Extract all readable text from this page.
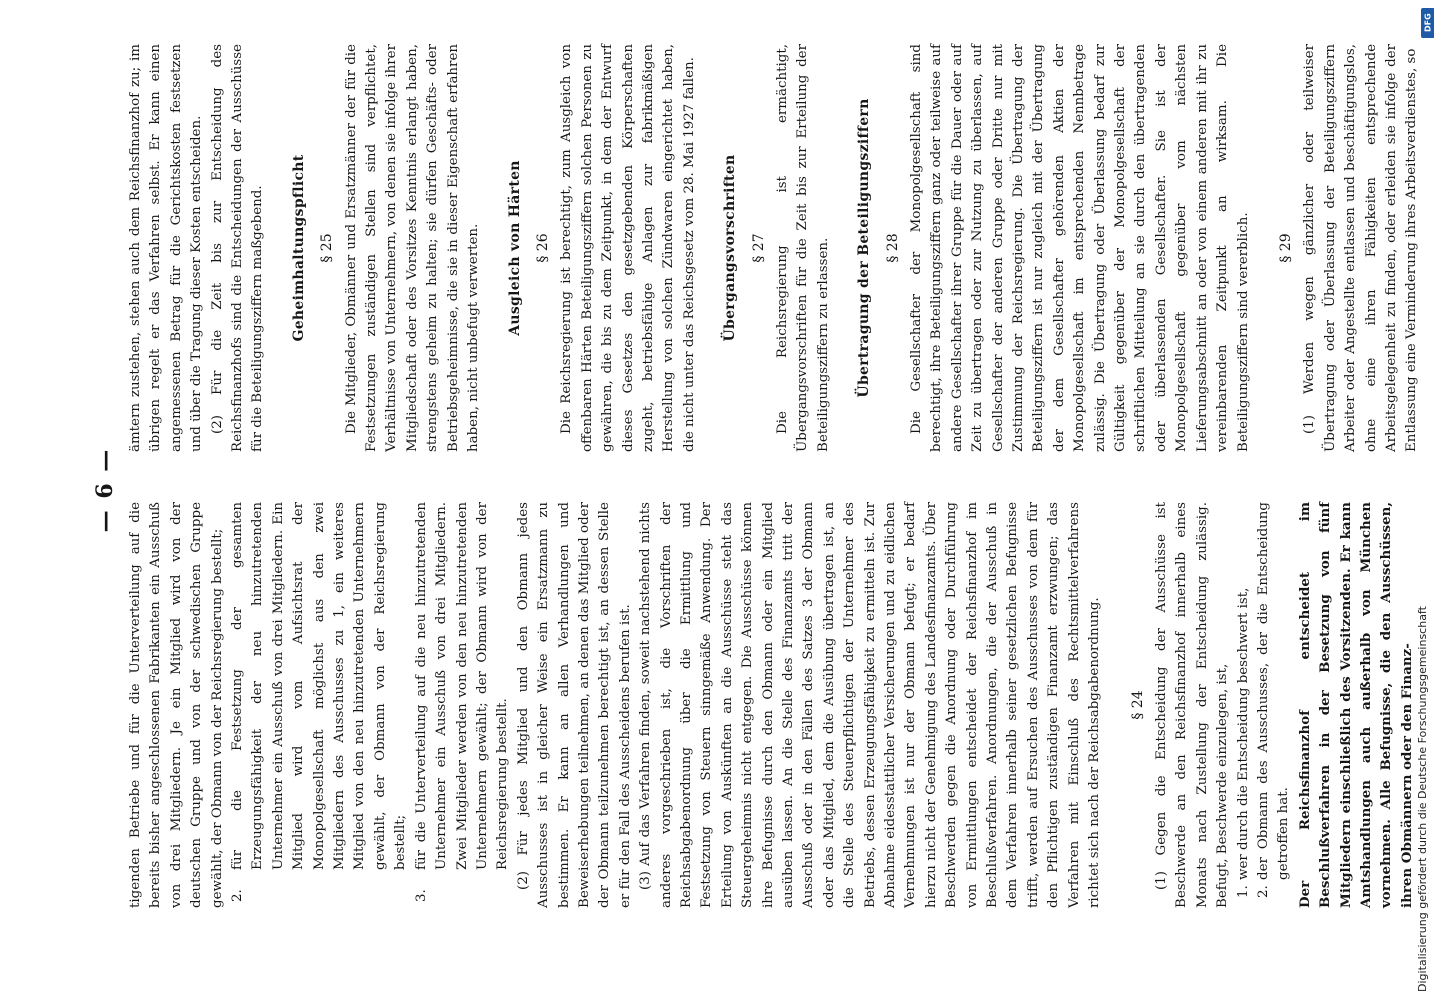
— 6 —

tigenden Betriebe und für die Unterverteilung auf die bereits bisher angeschlossenen Fabrikanten ein Ausschuß von drei Mitgliedern. Je ein Mitglied wird von der deutschen Gruppe und von der schwedischen Gruppe gewählt, der Obmann von der Reichsregierung bestellt; 2.
für die Festsetzung der gesamten Erzeugungsfähigkeit der neu hinzutretenden Unternehmer ein Ausschuß von drei Mitgliedern. Ein Mitglied wird vom Aufsichtsrat der Monopolgesellschaft möglichst aus den zwei Mitgliedern des Ausschusses zu 1, ein weiteres Mitglied von den neu hinzutretenden Unternehmern gewählt, der Obmann von der Reichsregierung bestellt;

3.
für die Unterverteilung auf die neu hinzutretenden Unternehmer ein Ausschuß von drei Mitgliedern. Zwei Mitglieder werden von den neu hinzutretenden Unternehmern gewählt; der Obmann wird von der Reichsregierung bestellt. (2) Für jedes Mitglied und den Obmann jedes Ausschusses ist in gleicher Weise ein Ersatzmann zu bestimmen. Er kann an allen Verhandlungen und Beweiserhebungen teilnehmen, an denen das Mitglied oder der Obmann teilzunehmen berechtigt ist, an dessen Stelle er für den Fall des Ausscheidens berufen ist. (3) Auf das Verfahren finden, soweit nachstehend nichts anderes vorgeschrieben ist, die Vorschriften der Reichsabgabenordnung über die Ermittlung und Festsetzung von Steuern sinngemäße Anwendung. Der Erteilung von Auskünften an die Ausschüsse steht das Steuergeheimnis nicht entgegen. Die Ausschüsse können ihre Befugnisse durch den Obmann oder ein Mitglied ausüben lassen. An die Stelle des Finanzamts tritt der Ausschuß oder in den Fällen des Satzes 3 der Obmann oder das Mitglied, dem die Ausübung übertragen ist, an die Stelle des Steuerpflichtigen der Unternehmer des Betriebs, dessen Erzeugungsfähigkeit zu ermitteln ist. Zur Abnahme eidesstattlicher Versicherungen und zu eidlichen Vernehmungen ist nur der Obmann befugt; er bedarf hierzu nicht der Genehmigung des Landesfinanzamts. Über Beschwerden gegen die Anordnung oder Durchführung von Ermittlungen entscheidet der Reichsfinanzhof im Beschlußverfahren. Anordnungen, die der Ausschuß in dem Verfahren innerhalb seiner gesetzlichen Befugnisse trifft, werden auf Ersuchen des Ausschusses von dem für den Pflichtigen zuständigen Finanzamt erzwungen; das Verfahren mit Einschluß des Rechtsmittelverfahrens richtet sich nach der Reichsabgabenordnung. § 24 (1) Gegen die Entscheidung der Ausschüsse ist Beschwerde an den Reichsfinanzhof innerhalb eines Monats nach Zustellung der Entscheidung zulässig. Befugt, Beschwerde einzulegen, ist, 1.
wer durch die Entscheidung beschwert ist,

2.
der Obmann des Ausschusses, der die Entscheidung getroffen hat. Der Reichsfinanzhof entscheidet im Beschlußverfahren in der Besetzung von fünf Mitgliedern einschließlich des Vorsitzenden. Er kann Amtshandlungen auch außerhalb von München vornehmen. Alle Befugnisse, die den Ausschüssen, ihren Obmännern oder den Finanz-

ämtern zustehen, stehen auch dem Reichsfinanzhof zu; im übrigen regelt er das Verfahren selbst. Er kann einen angemessenen Betrag für die Gerichtskosten festsetzen und über die Tragung dieser Kosten entscheiden. (2) Für die Zeit bis zur Entscheidung des Reichsfinanzhofs sind die Entscheidungen der Ausschüsse für die Beteiligungsziffern maßgebend. Geheimhaltungspflicht § 25 Die Mitglieder, Obmänner und Ersatzmänner der für die Festsetzungen zuständigen Stellen sind verpflichtet, Verhältnisse von Unternehmern, von denen sie infolge ihrer Mitgliedschaft oder des Vorsitzes Kenntnis erlangt haben, strengstens geheim zu halten; sie dürfen Geschäfts- oder Betriebsgeheimnisse, die sie in dieser Eigenschaft erfahren haben, nicht unbefugt verwerten. Ausgleich von Härten § 26 Die Reichsregierung ist berechtigt, zum Ausgleich von offenbaren Härten Beteiligungsziffern solchen Personen zu gewähren, die bis zu dem Zeitpunkt, in dem der Entwurf dieses Gesetzes den gesetzgebenden Körperschaften zugeht, betriebsfähige Anlagen zur fabrikmäßigen Herstellung von solchen Zündwaren eingerichtet haben, die nicht unter das Reichsgesetz vom 28. Mai 1927 fallen. Übergangsvorschriften § 27 Die Reichsregierung ist ermächtigt, Übergangsvorschriften für die Zeit bis zur Erteilung der Beteiligungsziffern zu erlassen. Übertragung der Beteiligungsziffern § 28 Die Gesellschafter der Monopolgesellschaft sind berechtigt, ihre Beteiligungsziffern ganz oder teilweise auf andere Gesellschafter ihrer Gruppe für die Dauer oder auf Zeit zu übertragen oder zur Nutzung zu überlassen, auf Gesellschafter der anderen Gruppe oder Dritte nur mit Zustimmung der Reichsregierung. Die Übertragung der Beteiligungsziffern ist nur zugleich mit der Übertragung der dem Gesellschafter gehörenden Aktien der Monopolgesellschaft im entsprechenden Nennbetrage zulässig. Die Übertragung oder Überlassung bedarf zur Gültigkeit gegenüber der Monopolgesellschaft der schriftlichen Mitteilung an sie durch den übertragenden oder überlassenden Gesellschafter. Sie ist der Monopolgesellschaft gegenüber vom nächsten Lieferungsabschnitt an oder von einem anderen mit ihr zu vereinbarenden Zeitpunkt an wirksam. Die Beteiligungsziffern sind vererblich. § 29 (1) Werden wegen gänzlicher oder teilweiser Übertragung oder Überlassung der Beteiligungsziffern Arbeiter oder Angestellte entlassen und beschäftigungslos, ohne eine ihren Fähigkeiten entsprechende Arbeitsgelegenheit zu finden, oder erleiden sie infolge der Entlassung eine Verminderung ihres Arbeitsverdienstes, so

Digitalisierung gefördert durch die Deutsche Forschungsgemeinschaft
DFG
